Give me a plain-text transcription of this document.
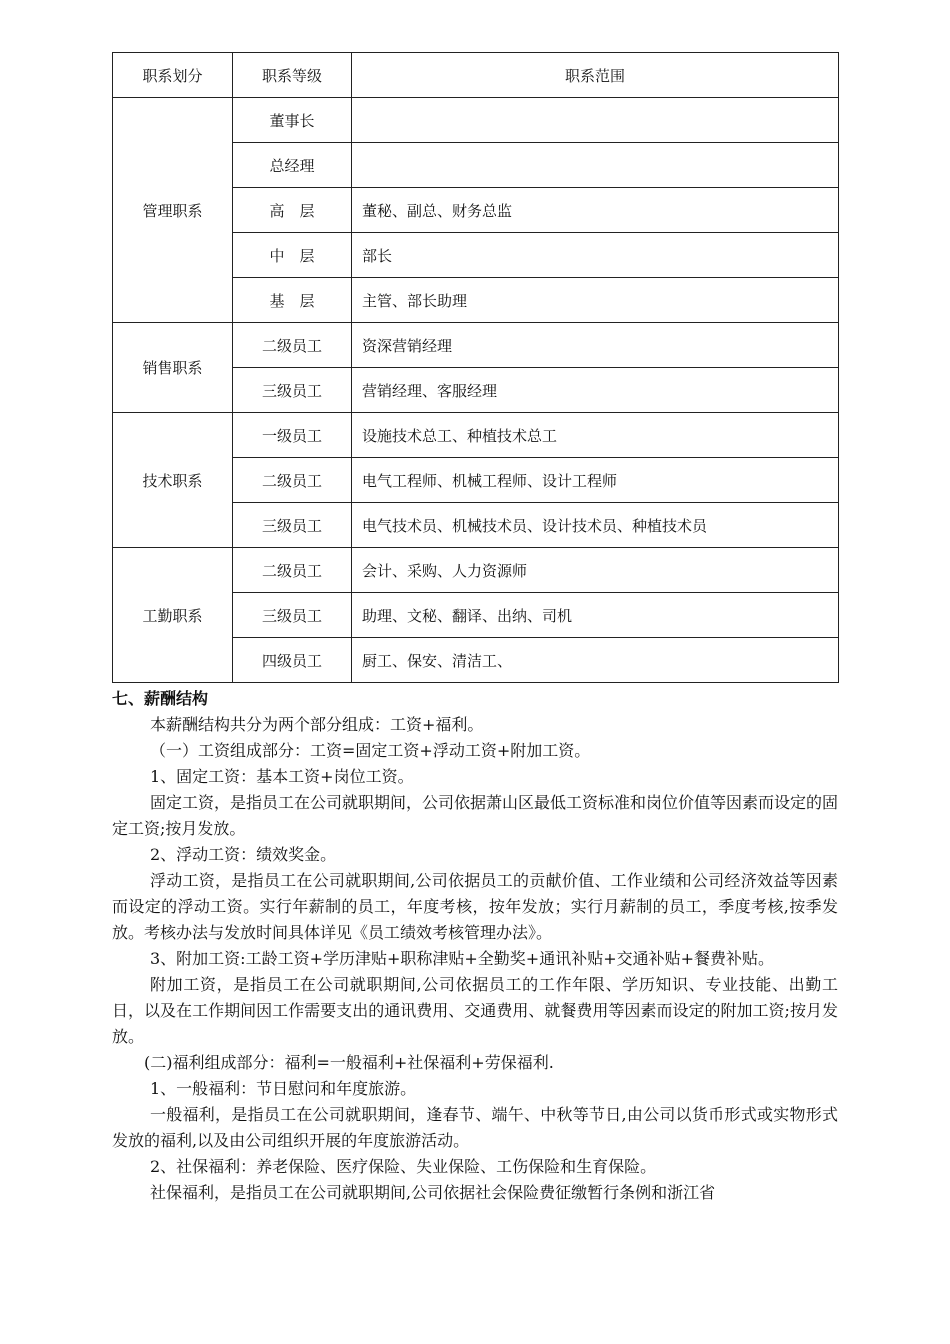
职系划分	职系等级	职系范围
管理职系	董事长	
	总经理	
	高　层	董秘、副总、财务总监
	中　层	部长
	基　层	主管、部长助理
销售职系	二级员工	资深营销经理
	三级员工	营销经理、客服经理
技术职系	一级员工	设施技术总工、种植技术总工
	二级员工	电气工程师、机械工程师、设计工程师
	三级员工	电气技术员、机械技术员、设计技术员、种植技术员
工勤职系	二级员工	会计、采购、人力资源师
	三级员工	助理、文秘、翻译、出纳、司机
	四级员工	厨工、保安、清洁工、

七、薪酬结构

本薪酬结构共分为两个部分组成：工资+福利。

（一）工资组成部分：工资=固定工资+浮动工资+附加工资。

1、固定工资：基本工资+岗位工资。

固定工资，是指员工在公司就职期间，公司依据萧山区最低工资标准和岗位价值等因素而设定的固定工资;按月发放。

2、浮动工资：绩效奖金。

浮动工资，是指员工在公司就职期间,公司依据员工的贡献价值、工作业绩和公司经济效益等因素而设定的浮动工资。实行年薪制的员工，年度考核，按年发放；实行月薪制的员工，季度考核,按季发放。考核办法与发放时间具体详见《员工绩效考核管理办法》。

3、附加工资:工龄工资+学历津贴+职称津贴+全勤奖+通讯补贴+交通补贴+餐费补贴。

附加工资，是指员工在公司就职期间,公司依据员工的工作年限、学历知识、专业技能、出勤工日，以及在工作期间因工作需要支出的通讯费用、交通费用、就餐费用等因素而设定的附加工资;按月发放。

(二)福利组成部分：福利=一般福利+社保福利+劳保福利.

1、一般福利：节日慰问和年度旅游。

一般福利，是指员工在公司就职期间，逢春节、端午、中秋等节日,由公司以货币形式或实物形式发放的福利,以及由公司组织开展的年度旅游活动。

2、社保福利：养老保险、医疗保险、失业保险、工伤保险和生育保险。

社保福利，是指员工在公司就职期间,公司依据社会保险费征缴暂行条例和浙江省
